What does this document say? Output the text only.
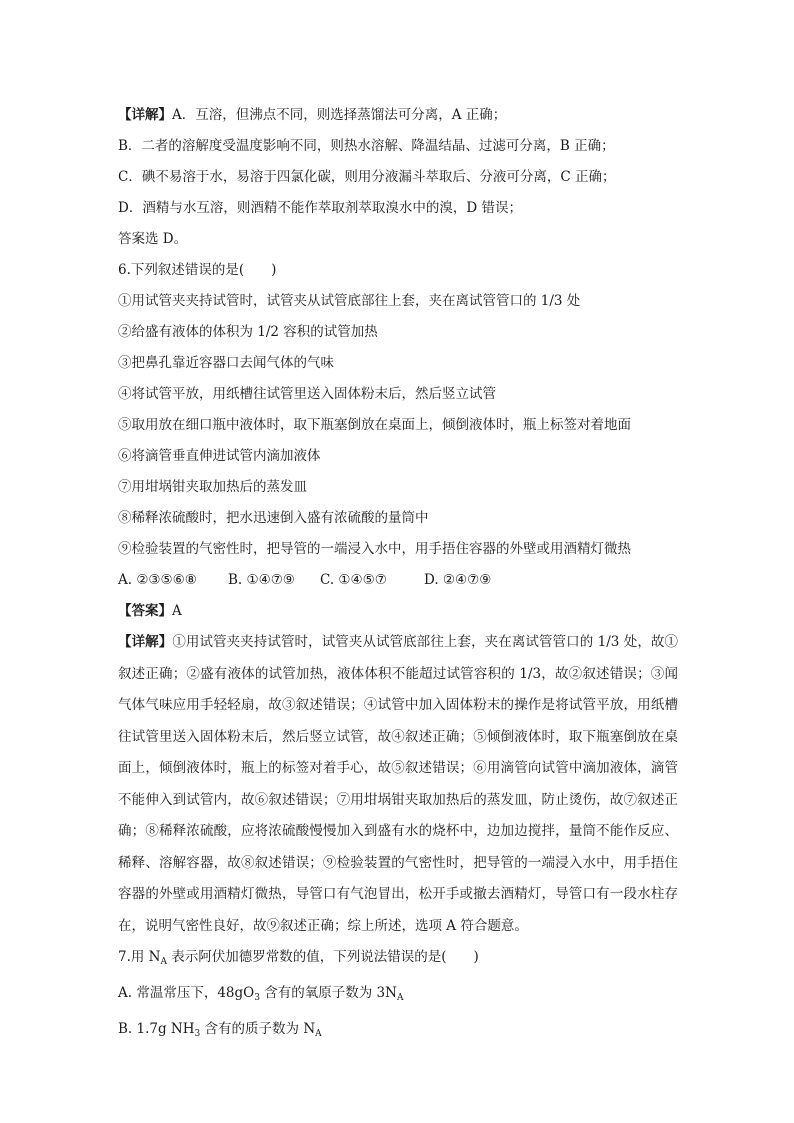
【详解】A．互溶，但沸点不同，则选择蒸馏法可分离，A 正确；
B．二者的溶解度受温度影响不同，则热水溶解、降温结晶、过滤可分离，B 正确；
C．碘不易溶于水，易溶于四氯化碳，则用分液漏斗萃取后、分液可分离，C 正确；
D．酒精与水互溶，则酒精不能作萃取剂萃取溴水中的溴，D 错误；
答案选 D。
6.下列叙述错误的是(　　)
①用试管夹夹持试管时，试管夹从试管底部往上套，夹在离试管管口的 1/3 处
②给盛有液体的体积为 1/2 容积的试管加热
③把鼻孔靠近容器口去闻气体的气味
④将试管平放，用纸槽往试管里送入固体粉末后，然后竖立试管
⑤取用放在细口瓶中液体时，取下瓶塞倒放在桌面上，倾倒液体时，瓶上标签对着地面
⑥将滴管垂直伸进试管内滴加液体
⑦用坩埚钳夹取加热后的蒸发皿
⑧稀释浓硫酸时，把水迅速倒入盛有浓硫酸的量筒中
⑨检验装置的气密性时，把导管的一端浸入水中，用手捂住容器的外壁或用酒精灯微热
A. ②③⑤⑥⑧ B. ①④⑦⑨ C. ①④⑤⑦	D. ②④⑦⑨
【答案】A
【详解】①用试管夹夹持试管时，试管夹从试管底部往上套，夹在离试管管口的 1/3 处，故①叙述正确；②盛有液体的试管加热，液体体积不能超过试管容积的 1/3，故②叙述错误；③闻气体气味应用手轻轻扇，故③叙述错误；④试管中加入固体粉末的操作是将试管平放，用纸槽往试管里送入固体粉末后，然后竖立试管，故④叙述正确；⑤倾倒液体时，取下瓶塞倒放在桌面上，倾倒液体时，瓶上的标签对着手心，故⑤叙述错误；⑥用滴管向试管中滴加液体，滴管不能伸入到试管内，故⑥叙述错误；⑦用坩埚钳夹取加热后的蒸发皿，防止烫伤，故⑦叙述正确；⑧稀释浓硫酸，应将浓硫酸慢慢加入到盛有水的烧杯中，边加边搅拌，量筒不能作反应、稀释、溶解容器，故⑧叙述错误；⑨检验装置的气密性时，把导管的一端浸入水中，用手捂住容器的外壁或用酒精灯微热，导管口有气泡冒出，松开手或撤去酒精灯，导管口有一段水柱存在，说明气密性良好，故⑨叙述正确；综上所述，选项 A 符合题意。
7.用 $N_A$ 表示阿伏加德罗常数的值，下列说法错误的是(　　)
A. 常温常压下，$48gO_3$ 含有的氧原子数为 $3N_A$
B. 1.7g $NH_3$ 含有的质子数为 $N_A$
